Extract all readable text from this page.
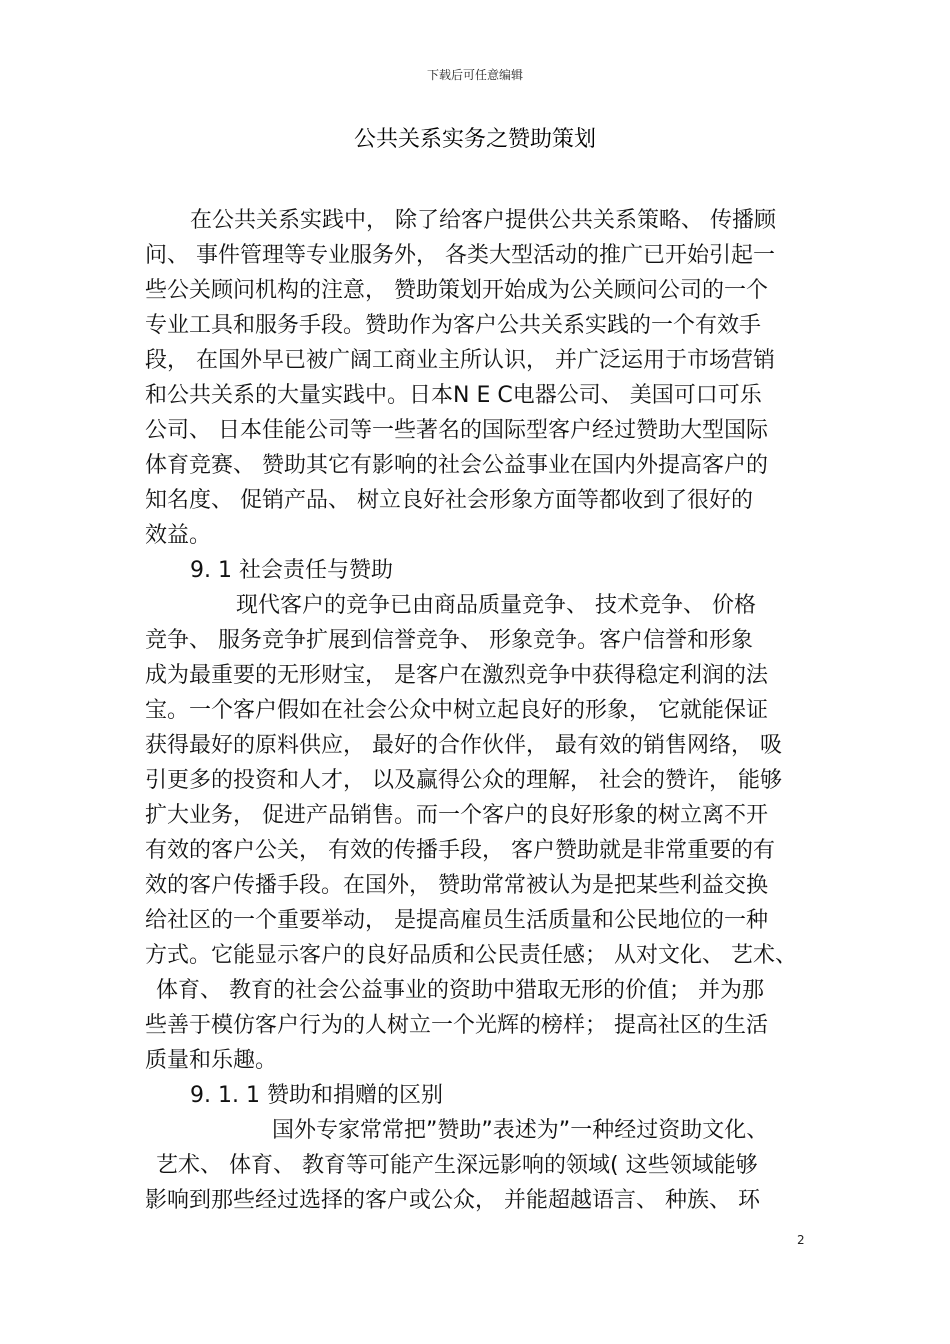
下载后可任意编辑
公共关系实务之赞助策划
在公共关系实践中， 除了给客户提供公共关系策略、 传播顾
问、 事件管理等专业服务外， 各类大型活动的推广已开始引起一
些公关顾问机构的注意， 赞助策划开始成为公关顾问公司的一个
专业工具和服务手段。赞助作为客户公共关系实践的一个有效手
段， 在国外早已被广阔工商业主所认识， 并广泛运用于市场营销
和公共关系的大量实践中。日本N E C电器公司、 美国可口可乐
公司、 日本佳能公司等一些著名的国际型客户经过赞助大型国际
体育竞赛、 赞助其它有影响的社会公益事业在国内外提高客户的
知名度、 促销产品、 树立良好社会形象方面等都收到了很好的
效益。
9. 1 社会责任与赞助
现代客户的竞争已由商品质量竞争、 技术竞争、 价格
竞争、 服务竞争扩展到信誉竞争、 形象竞争。客户信誉和形象
成为最重要的无形财宝， 是客户在激烈竞争中获得稳定利润的法
宝。一个客户假如在社会公众中树立起良好的形象， 它就能保证
获得最好的原料供应， 最好的合作伙伴， 最有效的销售网络， 吸
引更多的投资和人才， 以及赢得公众的理解， 社会的赞许， 能够
扩大业务， 促进产品销售。而一个客户的良好形象的树立离不开
有效的客户公关， 有效的传播手段， 客户赞助就是非常重要的有
效的客户传播手段。在国外， 赞助常常被认为是把某些利益交换
给社区的一个重要举动， 是提高雇员生活质量和公民地位的一种
方式。它能显示客户的良好品质和公民责任感； 从对文化、 艺术、
体育、 教育的社会公益事业的资助中猎取无形的价值； 并为那
些善于模仿客户行为的人树立一个光辉的榜样； 提高社区的生活
质量和乐趣。
9. 1. 1 赞助和捐赠的区别
国外专家常常把”赞助”表述为”一种经过资助文化、
艺术、 体育、 教育等可能产生深远影响的领域( 这些领域能够
影响到那些经过选择的客户或公众， 并能超越语言、 种族、 环
2
